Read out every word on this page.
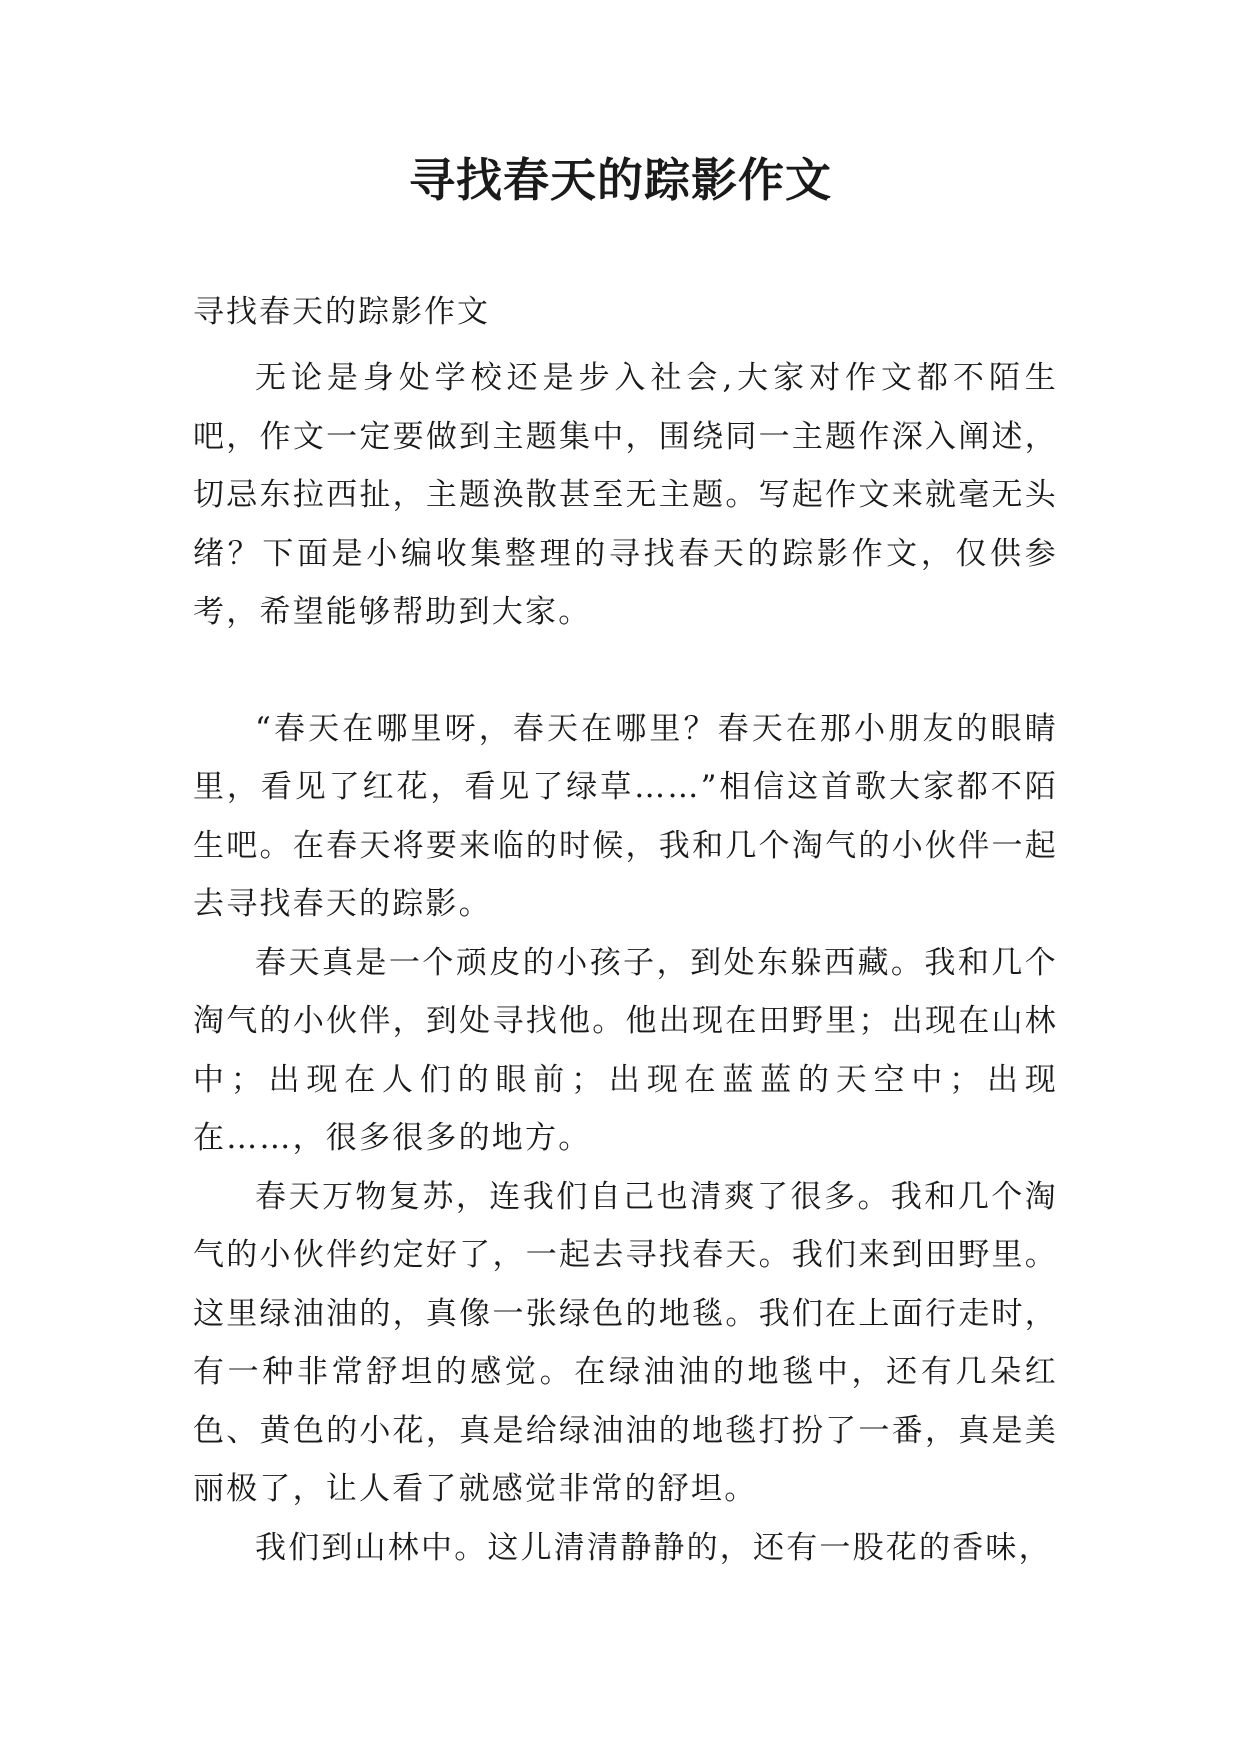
寻找春天的踪影作文

寻找春天的踪影作文

无论是身处学校还是步入社会,大家对作文都不陌生吧，作文一定要做到主题集中，围绕同一主题作深入阐述，切忌东拉西扯，主题涣散甚至无主题。写起作文来就毫无头绪？下面是小编收集整理的寻找春天的踪影作文，仅供参考，希望能够帮助到大家。

“春天在哪里呀，春天在哪里？春天在那小朋友的眼睛里，看见了红花，看见了绿草……”相信这首歌大家都不陌生吧。在春天将要来临的时候，我和几个淘气的小伙伴一起去寻找春天的踪影。

春天真是一个顽皮的小孩子，到处东躲西藏。我和几个淘气的小伙伴，到处寻找他。他出现在田野里；出现在山林中；出现在人们的眼前；出现在蓝蓝的天空中；出现在……，很多很多的地方。

春天万物复苏，连我们自己也清爽了很多。我和几个淘气的小伙伴约定好了，一起去寻找春天。我们来到田野里。这里绿油油的，真像一张绿色的地毯。我们在上面行走时，有一种非常舒坦的感觉。在绿油油的地毯中，还有几朵红色、黄色的小花，真是给绿油油的地毯打扮了一番，真是美丽极了，让人看了就感觉非常的舒坦。

我们到山林中。这儿清清静静的，还有一股花的香味，
